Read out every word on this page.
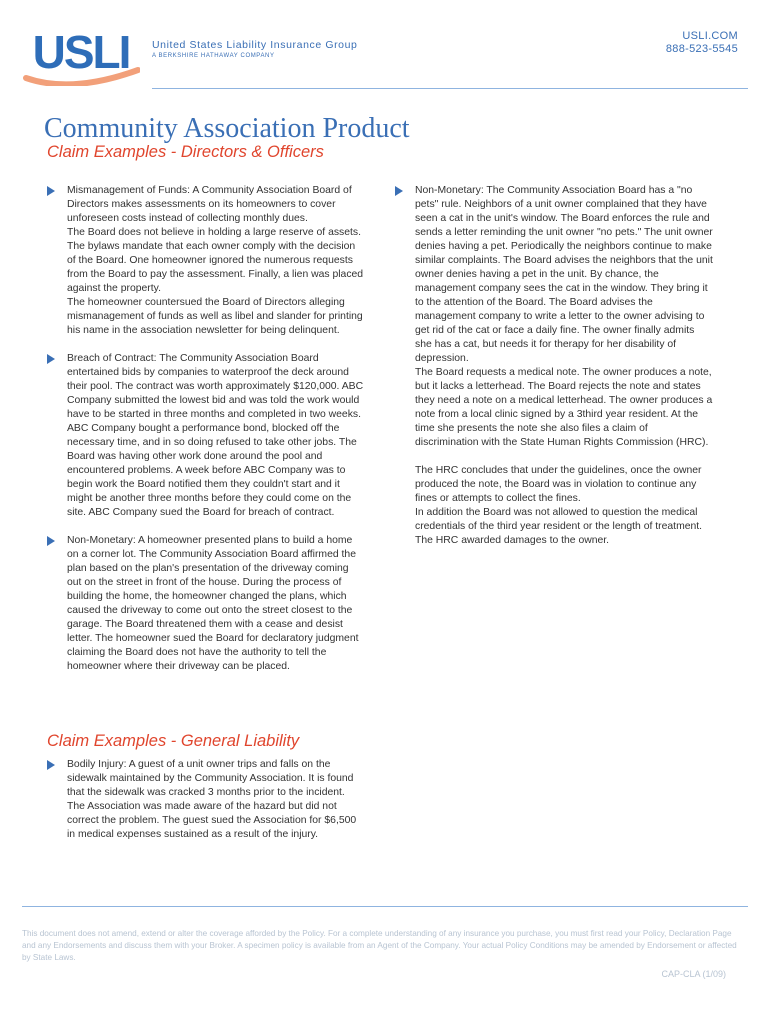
USLI United States Liability Insurance Group
A BERKSHIRE HATHAWAY COMPANY
USLI.COM
888-523-5545
Community Association Product
Claim Examples - Directors & Officers

Mismanagement of Funds: A Community Association Board of Directors makes assessments on its homeowners to cover unforeseen costs instead of collecting monthly dues.

The Board does not believe in holding a large reserve of assets. The bylaws mandate that each owner comply with the decision of the Board. One homeowner ignored the numerous requests from the Board to pay the assessment. Finally, a lien was placed against the property.

The homeowner countersued the Board of Directors alleging mismanagement of funds as well as libel and slander for printing his name in the association newsletter for being delinquent.

Breach of Contract: The Community Association Board entertained bids by companies to waterproof the deck around their pool. The contract was worth approximately $120,000. ABC Company submitted the lowest bid and was told the work would have to be started in three months and completed in two weeks. ABC Company bought a performance bond, blocked off the necessary time, and in so doing refused to take other jobs. The Board was having other work done around the pool and encountered problems. A week before ABC Company was to begin work the Board notified them they couldn't start and it might be another three months before they could come on the site. ABC Company sued the Board for breach of contract.

Non-Monetary: A homeowner presented plans to build a home on a corner lot. The Community Association Board affirmed the plan based on the plan's presentation of the driveway coming out on the street in front of the house. During the process of building the home, the homeowner changed the plans, which caused the driveway to come out onto the street closest to the garage. The Board threatened them with a cease and desist letter. The homeowner sued the Board for declaratory judgment claiming the Board does not have the authority to tell the homeowner where their driveway can be placed.

Claim Examples - General Liability

Bodily Injury: A guest of a unit owner trips and falls on the sidewalk maintained by the Community Association. It is found that the sidewalk was cracked 3 months prior to the incident. The Association was made aware of the hazard but did not correct the problem. The guest sued the Association for $6,500 in medical expenses sustained as a result of the injury.

Non-Monetary: The Community Association Board has a "no pets" rule. Neighbors of a unit owner complained that they have seen a cat in the unit's window. The Board enforces the rule and sends a letter reminding the unit owner "no pets." The unit owner denies having a pet. Periodically the neighbors continue to make similar complaints. The Board advises the neighbors that the unit owner denies having a pet in the unit. By chance, the management company sees the cat in the window. They bring it to the attention of the Board. The Board advises the management company to write a letter to the owner advising to get rid of the cat or face a daily fine. The owner finally admits she has a cat, but needs it for therapy for her disability of depression.

The Board requests a medical note. The owner produces a note, but it lacks a letterhead. The Board rejects the note and states they need a note on a medical letterhead. The owner produces a note from a local clinic signed by a 3third year resident. At the time she presents the note she also files a claim of discrimination with the State Human Rights Commission (HRC).

The HRC concludes that under the guidelines, once the owner produced the note, the Board was in violation to continue any fines or attempts to collect the fines.

In addition the Board was not allowed to question the medical credentials of the third year resident or the length of treatment. The HRC awarded damages to the owner.

This document does not amend, extend or alter the coverage afforded by the Policy. For a complete understanding of any insurance you purchase, you must first read your Policy, Declaration Page and any Endorsements and discuss them with your Broker. A specimen policy is available from an Agent of the Company. Your actual Policy Conditions may be amended by Endorsement or affected by State Laws.

CAP-CLA (1/09)
